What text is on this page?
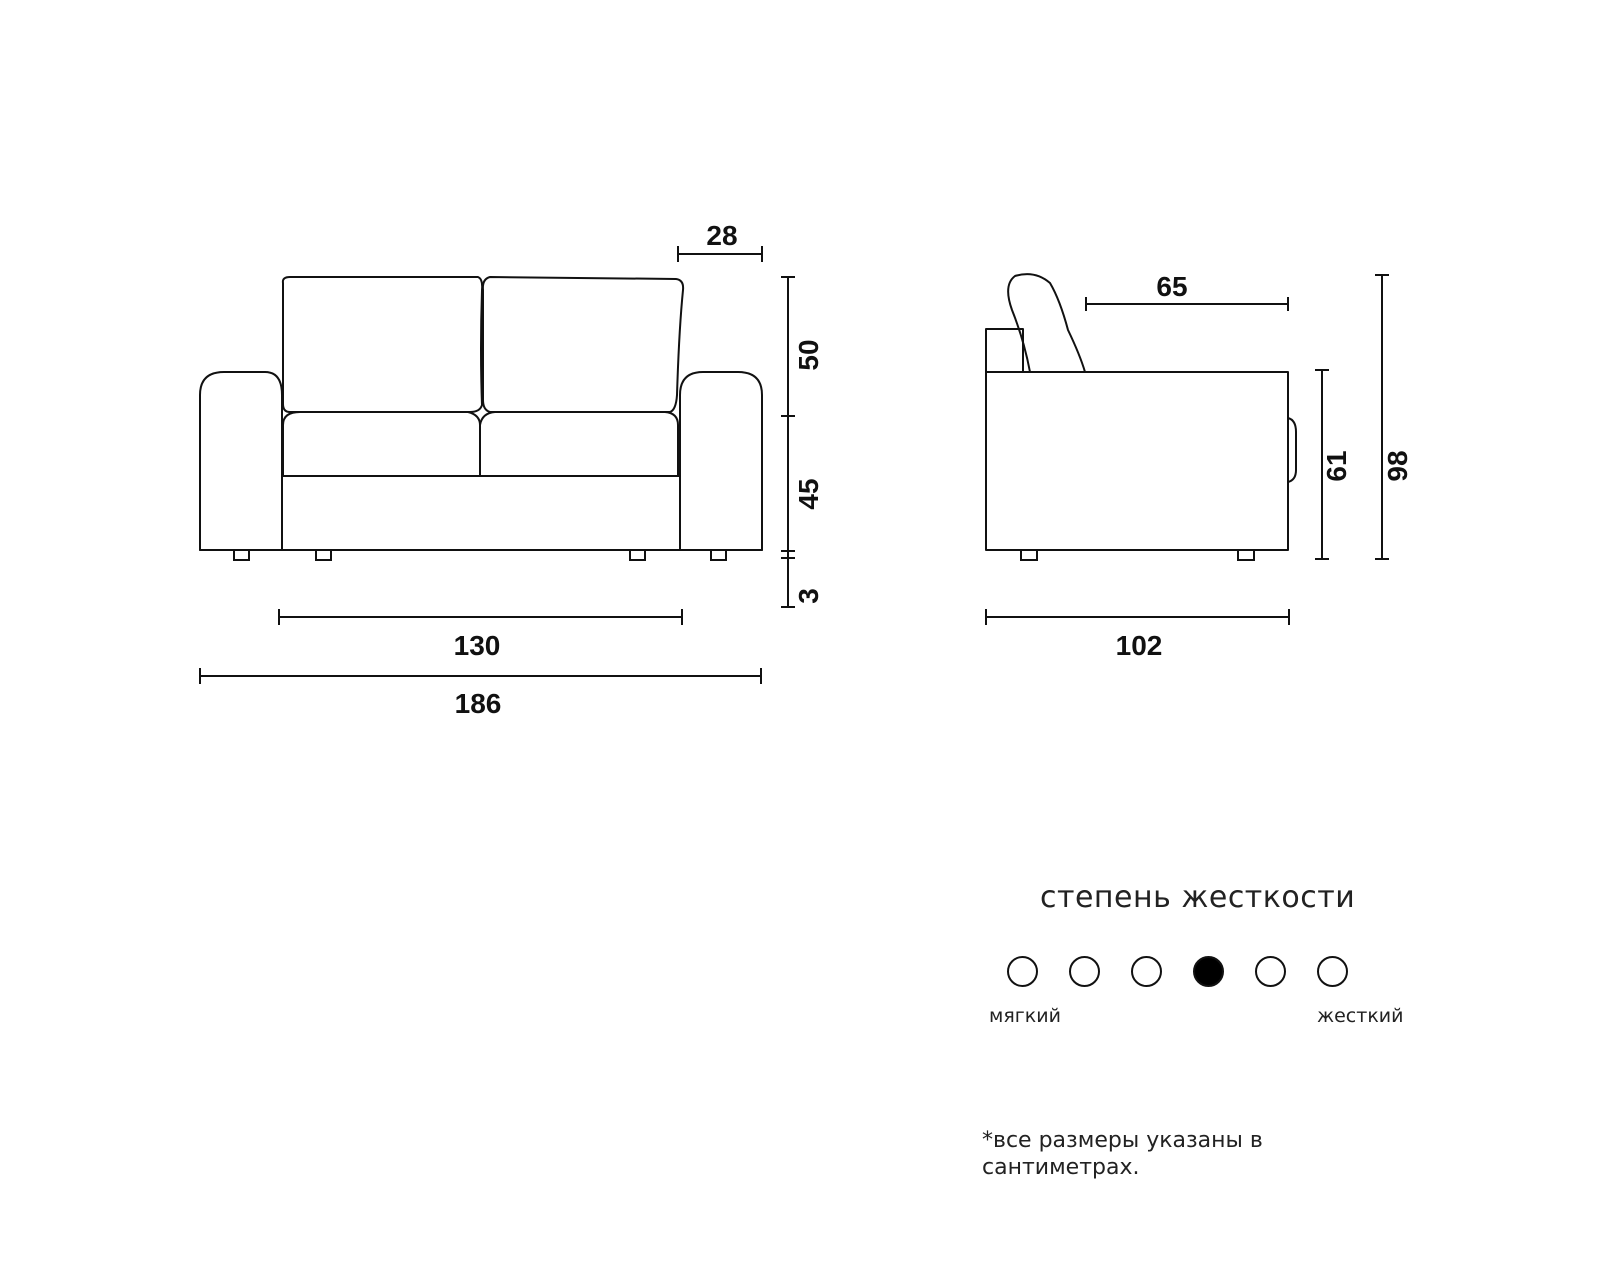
28
50
45
3
130
186
65
61 98
102
степень жесткости
мягкий	жесткий
*все размеры указаны в сантиметрах.
